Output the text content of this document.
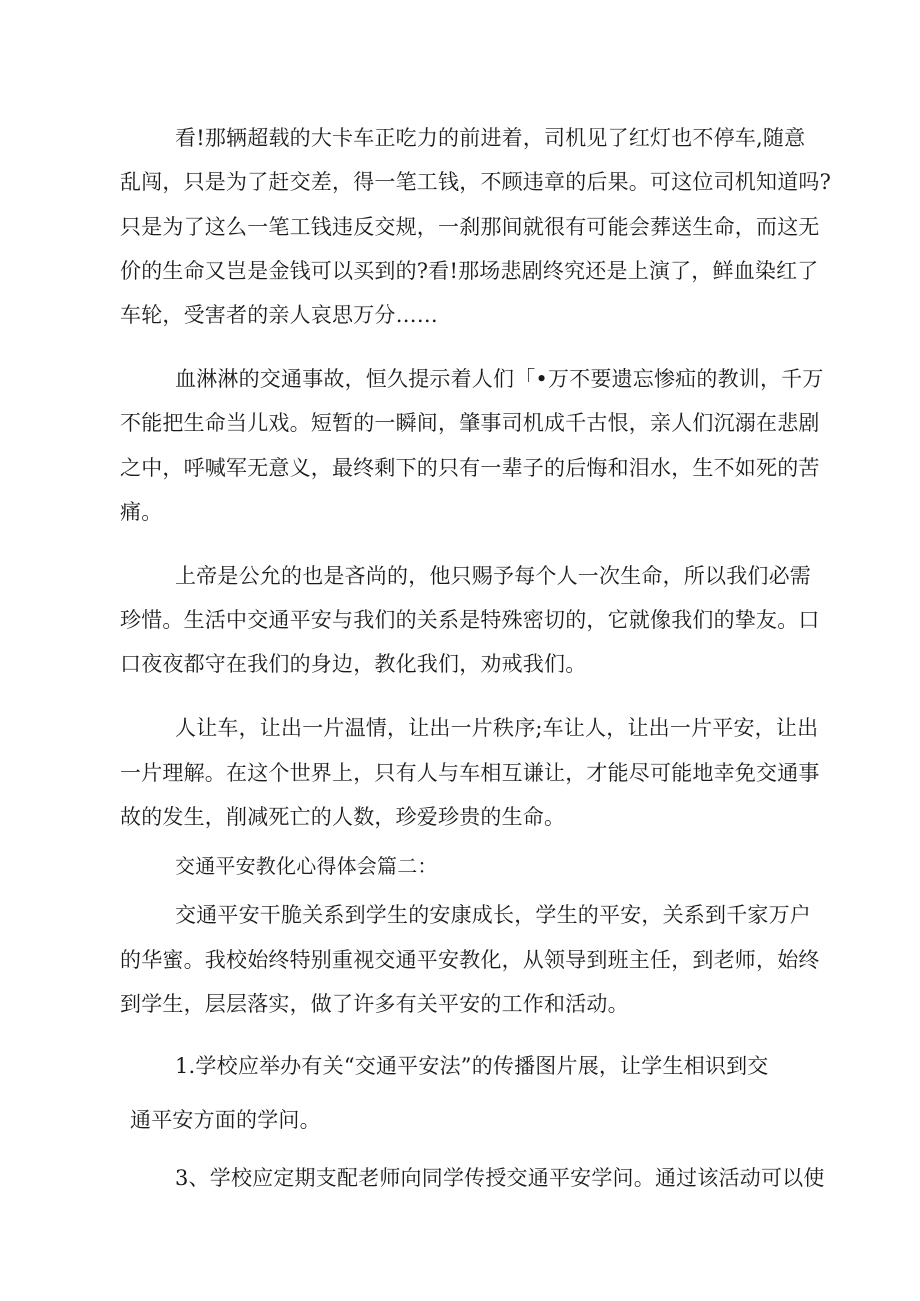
看!那辆超载的大卡车正吃力的前进着，司机见了红灯也不停车,随意
乱闯，只是为了赶交差，得一笔工钱，不顾违章的后果。可这位司机知道吗?
只是为了这么一笔工钱违反交规，一刹那间就很有可能会葬送生命，而这无
价的生命又岂是金钱可以买到的?看!那场悲剧终究还是上演了，鲜血染红了
车轮，受害者的亲人哀思万分……
血淋淋的交通事故，恒久提示着人们「•万不要遗忘惨疝的教训，千万
不能把生命当儿戏。短暂的一瞬间，肇事司机成千古恨，亲人们沉溺在悲剧
之中，呼喊军无意义，最终剩下的只有一辈子的后悔和泪水，生不如死的苦
痛。
上帝是公允的也是吝尚的，他只赐予每个人一次生命，所以我们必需
珍惜。生活中交通平安与我们的关系是特殊密切的，它就像我们的挚友。口
口夜夜都守在我们的身边，教化我们，劝戒我们。
人让车，让出一片温情，让出一片秩序;车让人，让出一片平安，让出
一片理解。在这个世界上，只有人与车相互谦让，才能尽可能地幸免交通事
故的发生，削减死亡的人数，珍爱珍贵的生命。
交通平安教化心得体会篇二：
交通平安干脆关系到学生的安康成长，学生的平安，关系到千家万户
的华蜜。我校始终特别重视交通平安教化，从领导到班主任，到老师，始终
到学生，层层落实，做了许多有关平安的工作和活动。
1.学校应举办有关“交通平安法”的传播图片展，让学生相识到交
通平安方面的学问。
3、学校应定期支配老师向同学传授交通平安学问。通过该活动可以使
